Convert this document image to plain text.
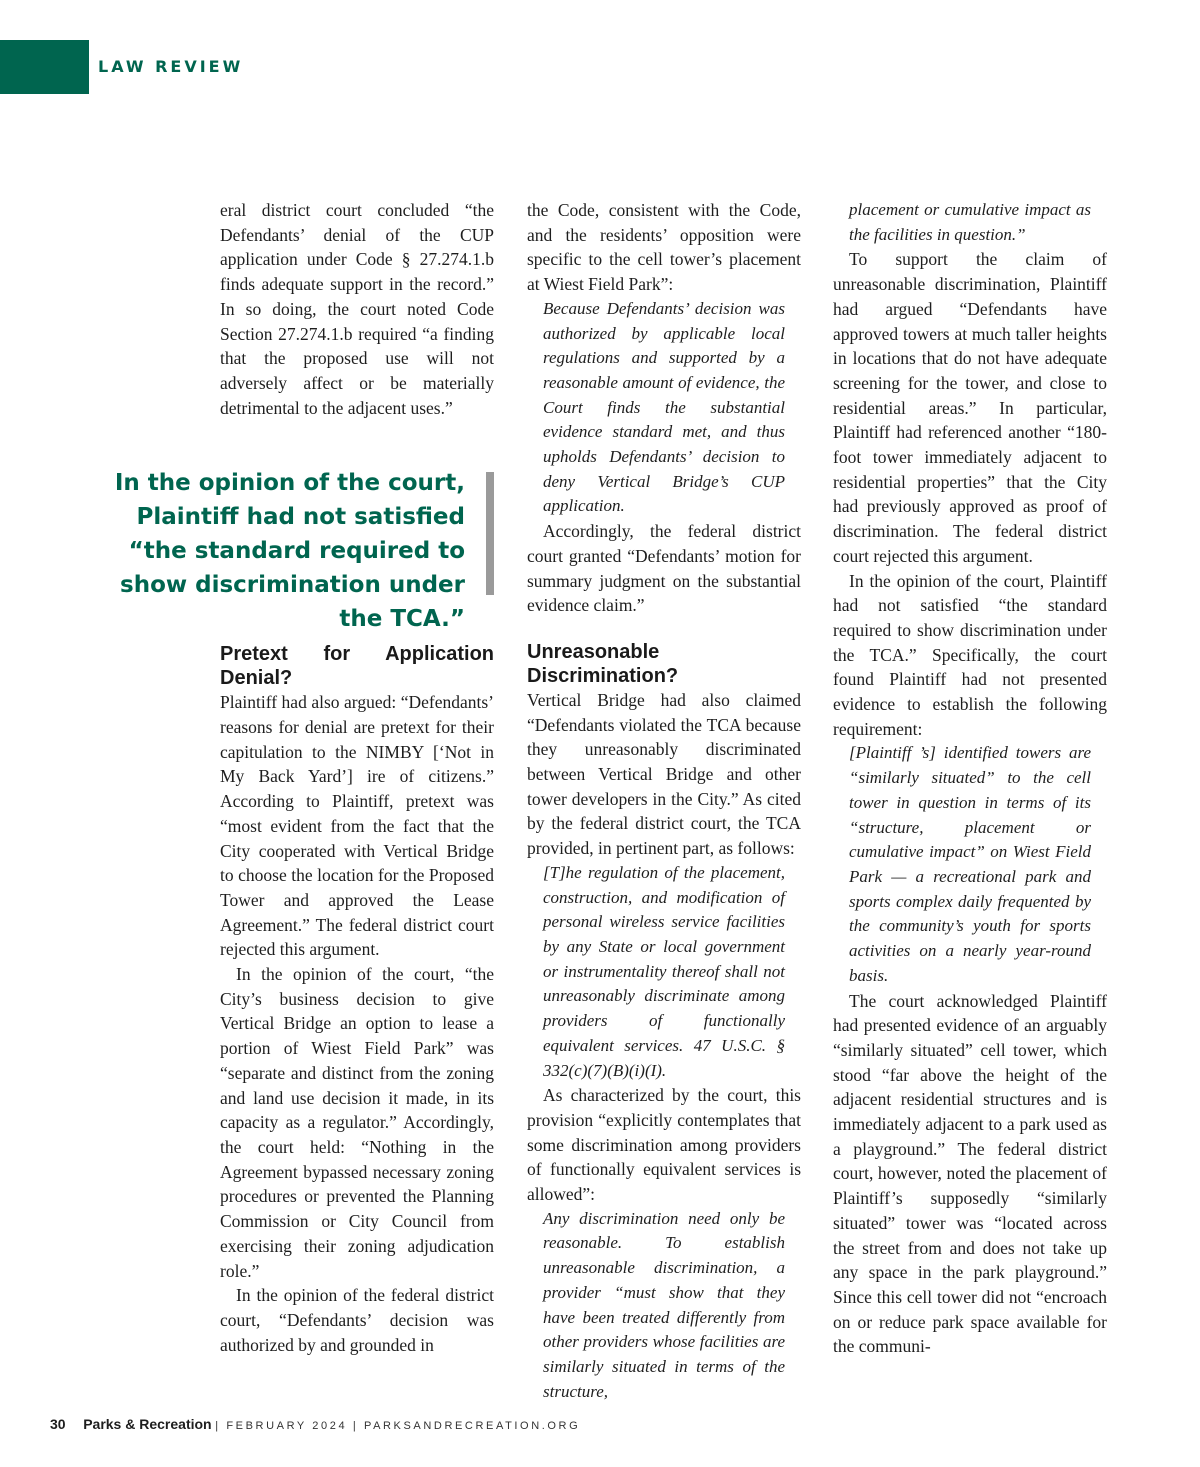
LAW REVIEW

eral district court concluded “the Defendants’ denial of the CUP application under Code § 27.274.1.b finds adequate support in the record.” In so doing, the court noted Code Section 27.274.1.b required “a finding that the proposed use will not adversely affect or be materially detrimental to the adjacent uses.”

Pretext for Application Denial?

Plaintiff had also argued: “Defendants’ reasons for denial are pretext for their capitulation to the NIMBY [‘Not in My Back Yard’] ire of citizens.” According to Plaintiff, pretext was “most evident from the fact that the City cooperated with Vertical Bridge to choose the location for the Proposed Tower and approved the Lease Agreement.” The federal district court rejected this argument.

In the opinion of the court, “the City’s business decision to give Vertical Bridge an option to lease a portion of Wiest Field Park” was “separate and distinct from the zoning and land use decision it made, in its capacity as a regulator.” Accordingly, the court held: “Nothing in the Agreement bypassed necessary zoning procedures or prevented the Planning Commission or City Council from exercising their zoning adjudication role.”

In the opinion of the federal district court, “Defendants’ decision was authorized by and grounded in

the Code, consistent with the Code, and the residents’ opposition were specific to the cell tower’s placement at Wiest Field Park”:

Because Defendants’ decision was authorized by applicable local regulations and supported by a reasonable amount of evidence, the Court finds the substantial evidence standard met, and thus upholds Defendants’ decision to deny Vertical Bridge’s CUP application.

Accordingly, the federal district court granted “Defendants’ motion for summary judgment on the substantial evidence claim.”

Unreasonable Discrimination?

Vertical Bridge had also claimed “Defendants violated the TCA because they unreasonably discriminated between Vertical Bridge and other tower developers in the City.” As cited by the federal district court, the TCA provided, in pertinent part, as follows:

[T]he regulation of the placement, construction, and modification of personal wireless service facilities by any State or local government or instrumentality thereof shall not unreasonably discriminate among providers of functionally equivalent services. 47 U.S.C. § 332(c)(7)(B)(i)(I).

As characterized by the court, this provision “explicitly contemplates that some discrimination among providers of functionally equivalent services is allowed”:

Any discrimination need only be reasonable. To establish unreasonable discrimination, a provider “must show that they have been treated differently from other providers whose facilities are similarly situated in terms of the structure,

placement or cumulative impact as the facilities in question.”

To support the claim of unreasonable discrimination, Plaintiff had argued “Defendants have approved towers at much taller heights in locations that do not have adequate screening for the tower, and close to residential areas.” In particular, Plaintiff had referenced another “180-foot tower immediately adjacent to residential properties” that the City had previously approved as proof of discrimination. The federal district court rejected this argument.

In the opinion of the court, Plaintiff had not satisfied “the standard required to show discrimination under the TCA.” Specifically, the court found Plaintiff had not presented evidence to establish the following requirement:

[Plaintiff ’s] identified towers are “similarly situated” to the cell tower in question in terms of its “structure, placement or cumulative impact” on Wiest Field Park — a recreational park and sports complex daily frequented by the community’s youth for sports activities on a nearly year-round basis.

The court acknowledged Plaintiff had presented evidence of an arguably “similarly situated” cell tower, which stood “far above the height of the adjacent residential structures and is immediately adjacent to a park used as a playground.” The federal district court, however, noted the placement of Plaintiff’s supposedly “similarly situated” tower was “located across the street from and does not take up any space in the park playground.” Since this cell tower did not “encroach on or reduce park space available for the communi-

In the opinion of the court, Plaintiff had not satisfied “the standard required to show discrimination under the TCA.”

30 Parks & Recreation | FEBRUARY 2024 | PARKSANDRECREATION.ORG
